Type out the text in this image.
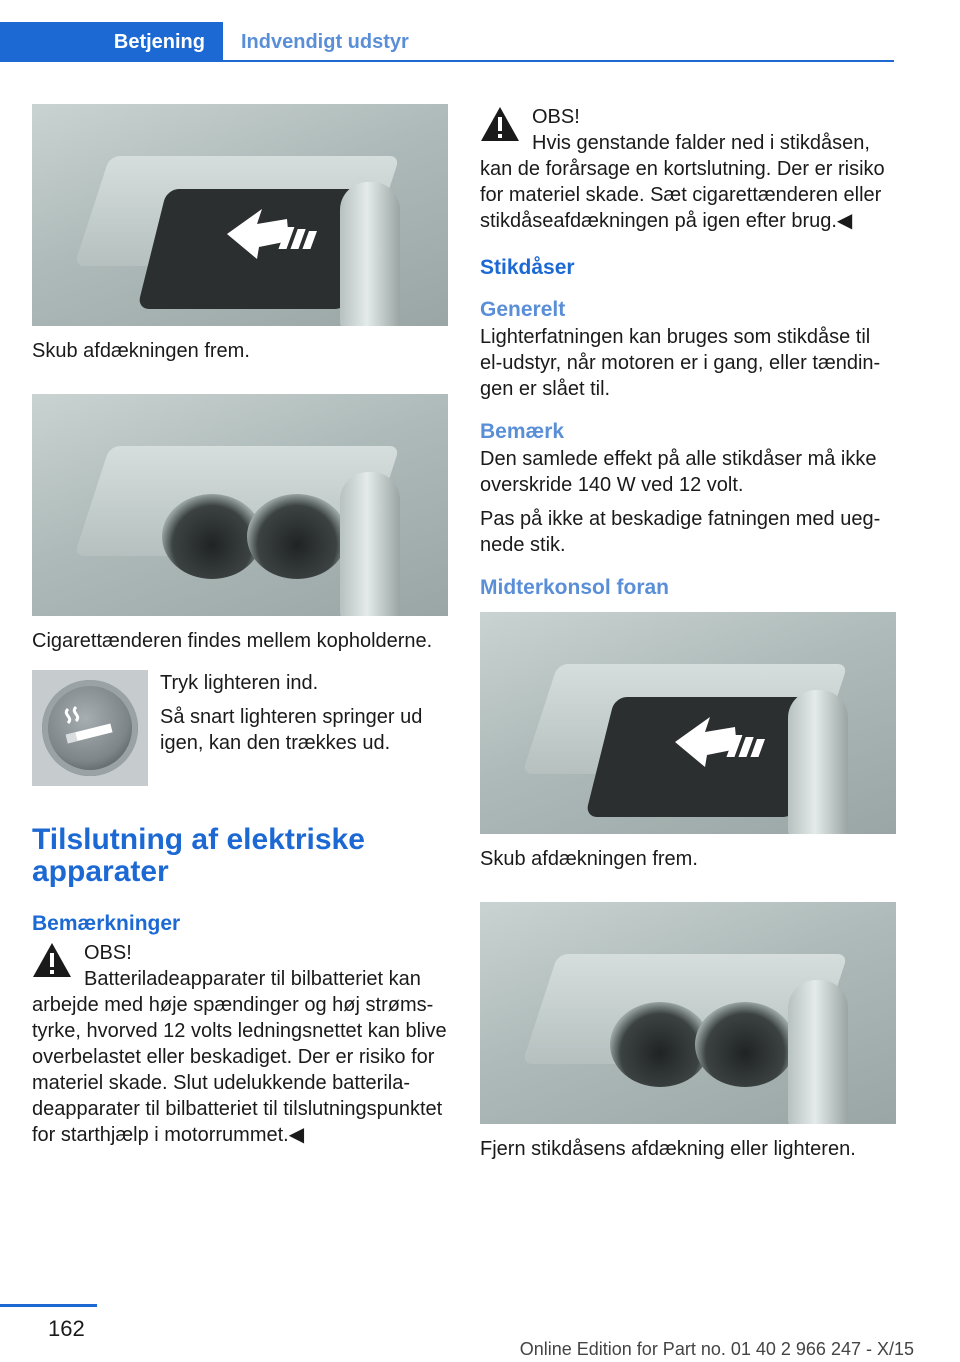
Betjening	Indvendigt udstyr

Skub afdækningen frem.

Cigarettænderen findes mellem kopholderne.

Tryk lighteren ind.

Så snart lighteren springer ud igen, kan den trækkes ud.

Tilslutning af elektriske apparater
Bemærkninger
OBS!

Batteriladeapparater til bilbatteriet kan arbejde med høje spændinger og høj strømstyrke, hvorved 12 volts ledningsnettet kan blive overbelastet eller beskadiget. Der er risiko for materiel skade. Slut udelukkende batteriladeapparater til bilbatteriet til tilslutningspunktet for starthjælp i motorrummet.◀

OBS!

Hvis genstande falder ned i stikdåsen, kan de forårsage en kortslutning. Der er risiko for materiel skade. Sæt cigarettænderen eller stikdåseafdækningen på igen efter brug.◀

Stikdåser
Generelt

Lighterfatningen kan bruges som stikdåse til el-udstyr, når motoren er i gang, eller tændingen er slået til.

Bemærk

Den samlede effekt på alle stikdåser må ikke overskride 140 W ved 12 volt.

Pas på ikke at beskadige fatningen med uegnede stik.

Midterkonsol foran

Skub afdækningen frem.

Fjern stikdåsens afdækning eller lighteren.

162
Online Edition for Part no. 01 40 2 966 247 - X/15
